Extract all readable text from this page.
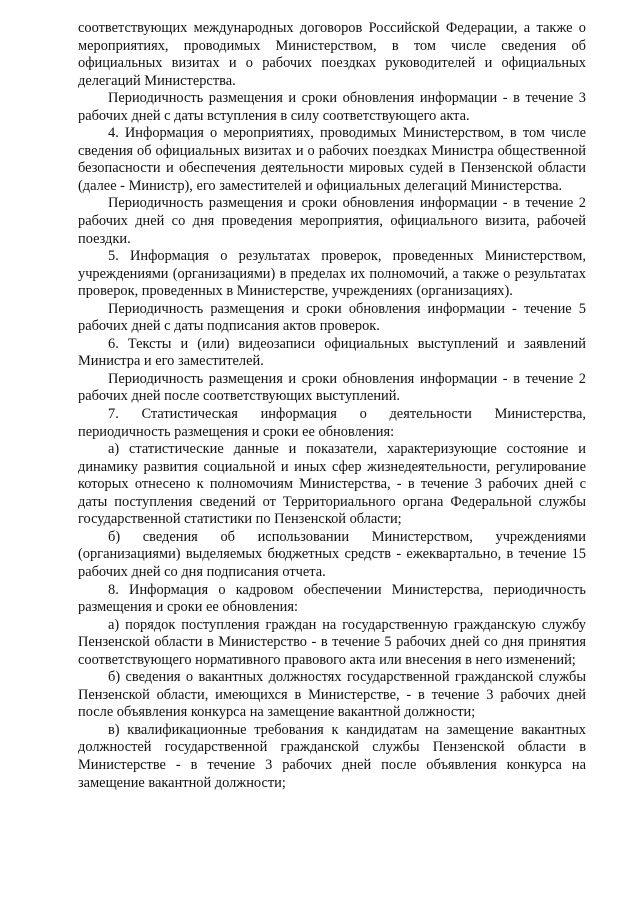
соответствующих международных договоров Российской Федерации, а также о мероприятиях, проводимых Министерством, в том числе сведения об официальных визитах и о рабочих поездках руководителей и официальных делегаций Министерства.

Периодичность размещения и сроки обновления информации - в течение 3 рабочих дней с даты вступления в силу соответствующего акта.

4. Информация о мероприятиях, проводимых Министерством, в том числе сведения об официальных визитах и о рабочих поездках Министра общественной безопасности и обеспечения деятельности мировых судей в Пензенской области (далее - Министр), его заместителей и официальных делегаций Министерства.

Периодичность размещения и сроки обновления информации - в течение 2 рабочих дней со дня проведения мероприятия, официального визита, рабочей поездки.

5. Информация о результатах проверок, проведенных Министерством, учреждениями (организациями) в пределах их полномочий, а также о результатах проверок, проведенных в Министерстве, учреждениях (организациях).

Периодичность размещения и сроки обновления информации - течение 5 рабочих дней с даты подписания актов проверок.

6. Тексты и (или) видеозаписи официальных выступлений и заявлений Министра и его заместителей.

Периодичность размещения и сроки обновления информации - в течение 2 рабочих дней после соответствующих выступлений.

7. Статистическая информация о деятельности Министерства, периодичность размещения и сроки ее обновления:

а) статистические данные и показатели, характеризующие состояние и динамику развития социальной и иных сфер жизнедеятельности, регулирование которых отнесено к полномочиям Министерства, - в течение 3 рабочих дней с даты поступления сведений от Территориального органа Федеральной службы государственной статистики по Пензенской области;

б) сведения об использовании Министерством, учреждениями (организациями) выделяемых бюджетных средств - ежеквартально, в течение 15 рабочих дней со дня подписания отчета.

8. Информация о кадровом обеспечении Министерства, периодичность размещения и сроки ее обновления:

а) порядок поступления граждан на государственную гражданскую службу Пензенской области в Министерство - в течение 5 рабочих дней со дня принятия соответствующего нормативного правового акта или внесения в него изменений;

б) сведения о вакантных должностях государственной гражданской службы Пензенской области, имеющихся в Министерстве, - в течение 3 рабочих дней после объявления конкурса на замещение вакантной должности;

в) квалификационные требования к кандидатам на замещение вакантных должностей государственной гражданской службы Пензенской области в Министерстве - в течение 3 рабочих дней после объявления конкурса на замещение вакантной должности;
